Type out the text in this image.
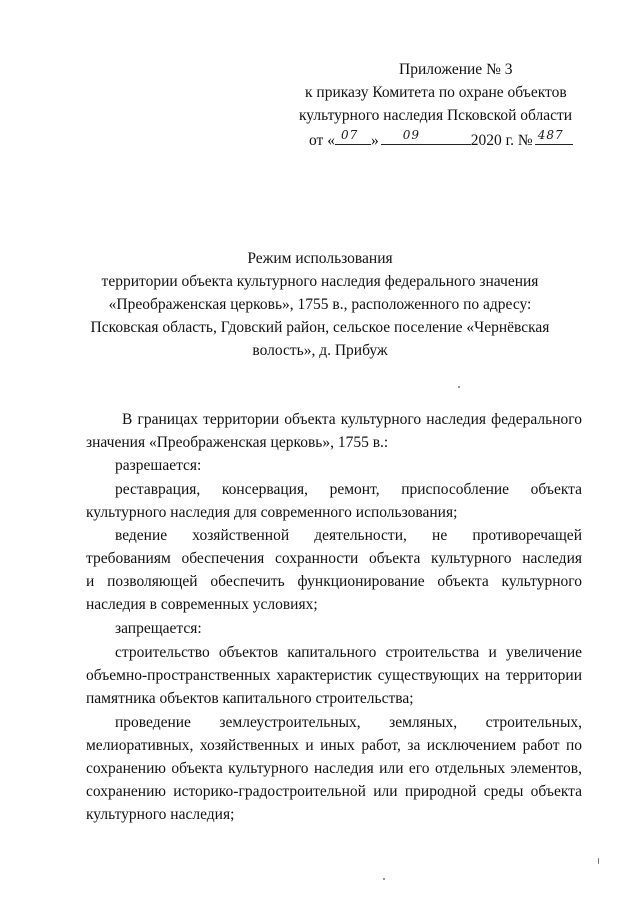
Приложение № 3
к приказу Комитета по охране объектов
культурного наследия Псковской области
от « 07 » 09	2020 г. № 487
Режим использования
территории объекта культурного наследия федерального значения
«Преображенская церковь», 1755 в., расположенного по адресу:
Псковская область, Гдовский район, сельское поселение «Чернёвская
волость», д. Прибуж
В границах территории объекта культурного наследия федерального
значения «Преображенская церковь», 1755 в.:
разрешается:
реставрация, консервация, ремонт, приспособление объекта
культурного наследия для современного использования;
ведение хозяйственной деятельности, не противоречащей
требованиям обеспечения сохранности объекта культурного наследия
и позволяющей обеспечить функционирование объекта культурного
наследия в современных условиях;
запрещается:
строительство объектов капитального строительства и увеличение
объемно-пространственных характеристик существующих на территории
памятника объектов капитального строительства;
проведение землеустроительных, земляных, строительных,
мелиоративных, хозяйственных и иных работ, за исключением работ по
сохранению объекта культурного наследия или его отдельных элементов,
сохранению историко-градостроительной или природной среды объекта
культурного наследия;
